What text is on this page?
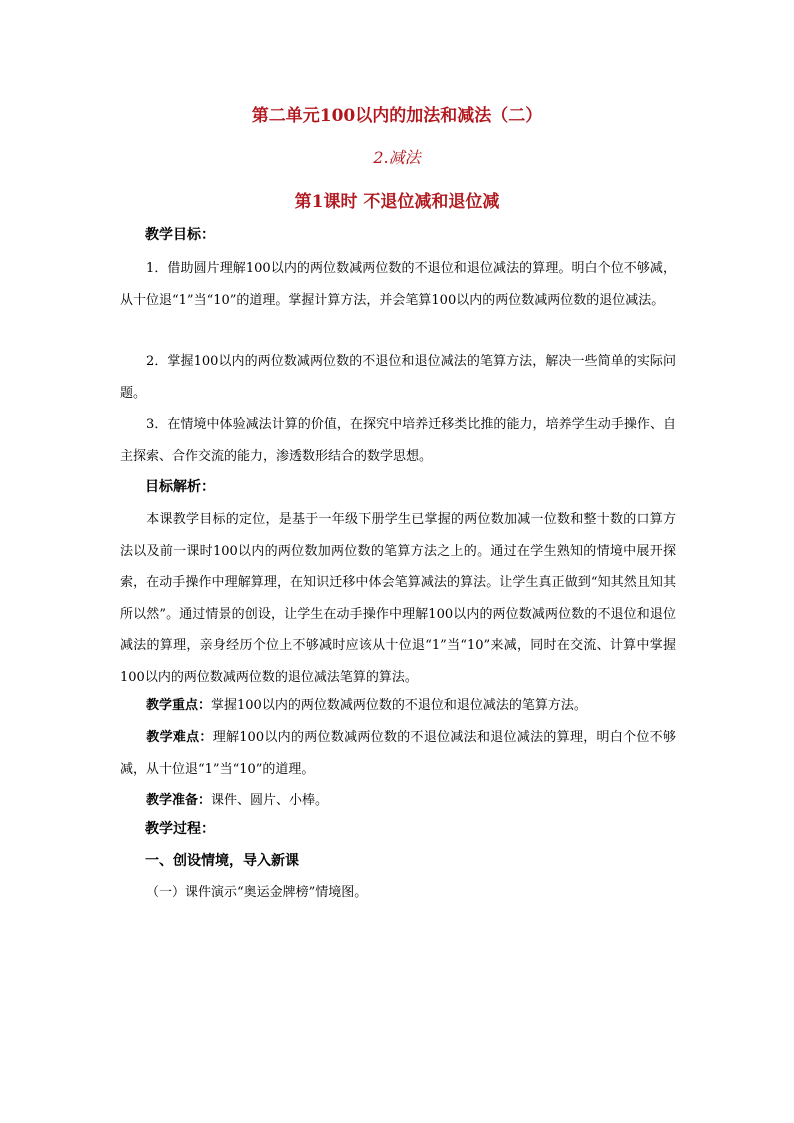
第二单元100以内的加法和减法（二）
2.减法
第1课时 不退位减和退位减
教学目标：
1．借助圆片理解100以内的两位数减两位数的不退位和退位减法的算理。明白个位不够减，从十位退“1”当“10”的道理。掌握计算方法，并会笔算100以内的两位数减两位数的退位减法。
2．掌握100以内的两位数减两位数的不退位和退位减法的笔算方法，解决一些简单的实际问题。
3．在情境中体验减法计算的价值，在探究中培养迁移类比推的能力，培养学生动手操作、自主探索、合作交流的能力，渗透数形结合的数学思想。
目标解析：
本课教学目标的定位，是基于一年级下册学生已掌握的两位数加减一位数和整十数的口算方法以及前一课时100以内的两位数加两位数的笔算方法之上的。通过在学生熟知的情境中展开探索，在动手操作中理解算理，在知识迁移中体会笔算减法的算法。让学生真正做到“知其然且知其所以然”。通过情景的创设，让学生在动手操作中理解100以内的两位数减两位数的不退位和退位减法的算理，亲身经历个位上不够减时应该从十位退“1”当“10”来减，同时在交流、计算中掌握100以内的两位数减两位数的退位减法笔算的算法。
教学重点：掌握100以内的两位数减两位数的不退位和退位减法的笔算方法。
教学难点：理解100以内的两位数减两位数的不退位减法和退位减法的算理，明白个位不够减，从十位退“1”当“10”的道理。
教学准备：课件、圆片、小棒。
教学过程：
一、创设情境，导入新课
（一）课件演示“奥运金牌榜”情境图。
